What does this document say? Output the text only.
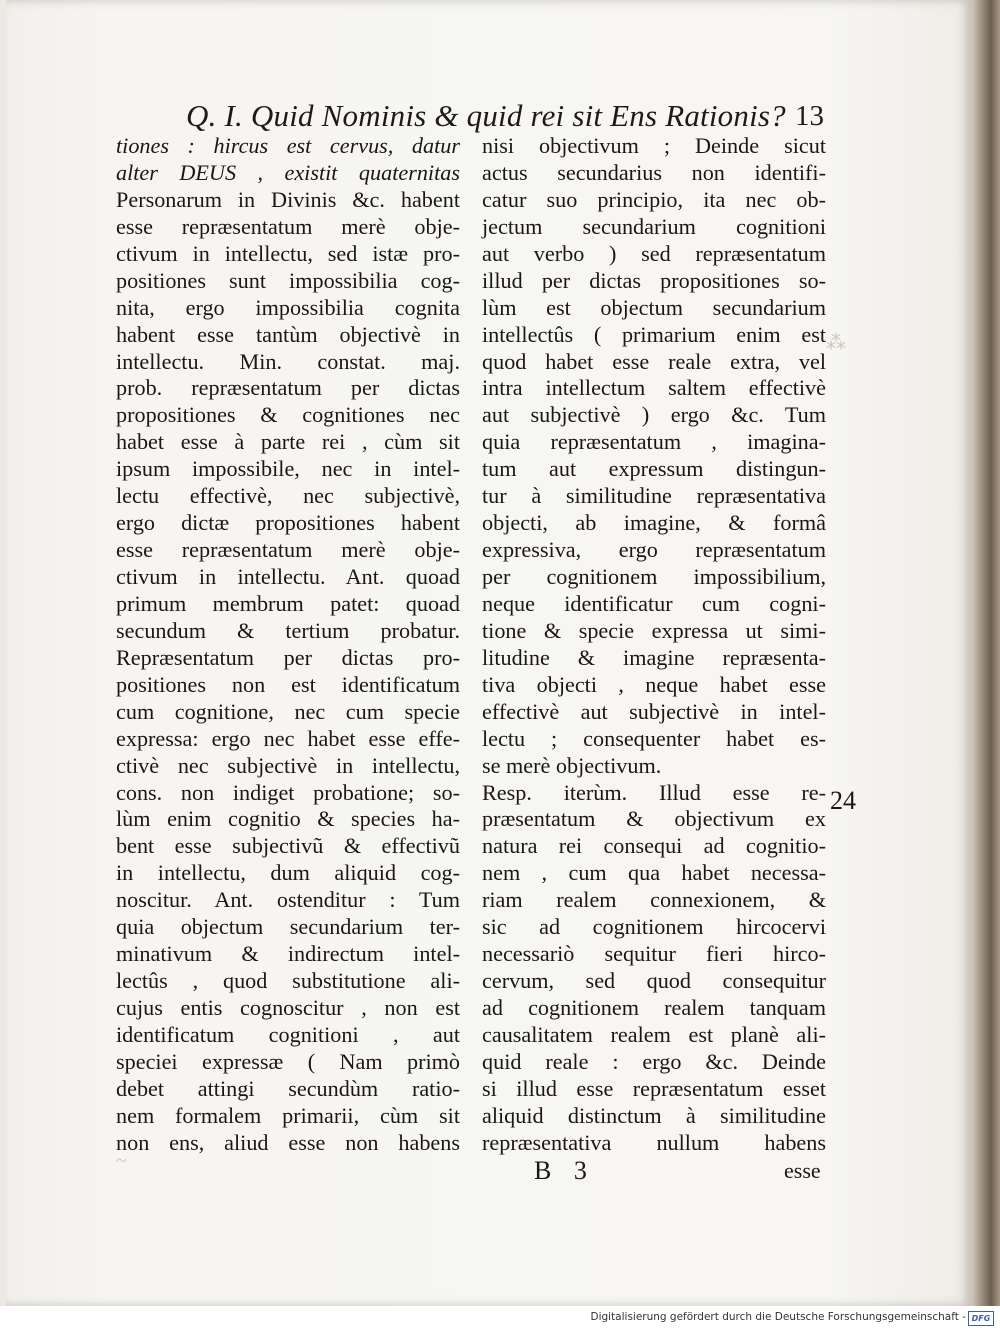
⁂
~
Q. I. Quid Nominis & quid rei sit Ens Rationis? 13
tiones : hircus est cervus, datur
alter DEUS , existit quaternitas
Personarum in Divinis &c. habent
esse repræsentatum merè obje-
ctivum in intellectu, sed istæ pro-
positiones sunt impossibilia cog-
nita, ergo impossibilia cognita
habent esse tantùm objectivè in
intellectu. Min. constat. maj.
prob. repræsentatum per dictas
propositiones & cognitiones nec
habet esse à parte rei , cùm sit
ipsum impossibile, nec in intel-
lectu effectivè, nec subjectivè,
ergo dictæ propositiones habent
esse repræsentatum merè obje-
ctivum in intellectu. Ant. quoad
primum membrum patet: quoad
secundum & tertium probatur.
Repræsentatum per dictas pro-
positiones non est identificatum
cum cognitione, nec cum specie
expressa: ergo nec habet esse effe-
ctivè nec subjectivè in intellectu,
cons. non indiget probatione; so-
lùm enim cognitio & species ha-
bent esse subjectivũ & effectivũ
in intellectu, dum aliquid cog-
noscitur. Ant. ostenditur : Tum
quia objectum secundarium ter-
minativum & indirectum intel-
lectûs , quod substitutione ali-
cujus entis cognoscitur , non est
identificatum cognitioni , aut
speciei expressæ ( Nam primò
debet attingi secundùm ratio-
nem formalem primarii, cùm sit
non ens, aliud esse non habens
nisi objectivum ; Deinde sicut
actus secundarius non identifi-
catur suo principio, ita nec ob-
jectum secundarium cognitioni
aut verbo ) sed repræsentatum
illud per dictas propositiones so-
lùm est objectum secundarium
intellectûs ( primarium enim est
quod habet esse reale extra, vel
intra intellectum saltem effectivè
aut subjectivè ) ergo &c. Tum
quia repræsentatum , imagina-
tum aut expressum distingun-
tur à similitudine repræsentativa
objecti, ab imagine, & formâ
expressiva, ergo repræsentatum
per cognitionem impossibilium,
neque identificatur cum cogni-
tione & specie expressa ut simi-
litudine & imagine repræsenta-
tiva objecti , neque habet esse
effectivè aut subjectivè in intel-
lectu ; consequenter habet es-
se merè objectivum.
Resp. iterùm. Illud esse re-
præsentatum & objectivum ex
natura rei consequi ad cognitio-
nem , cum qua habet necessa-
riam realem connexionem, &
sic ad cognitionem hircocervi
necessariò sequitur fieri hirco-
cervum, sed quod consequitur
ad cognitionem realem tanquam
causalitatem realem est planè ali-
quid reale : ergo &c. Deinde
si illud esse repræsentatum esset
aliquid distinctum à similitudine
repræsentativa nullum habens
24
B 3	esse
Digitalisierung gefördert durch die Deutsche Forschungsgemeinschaft - DFG
